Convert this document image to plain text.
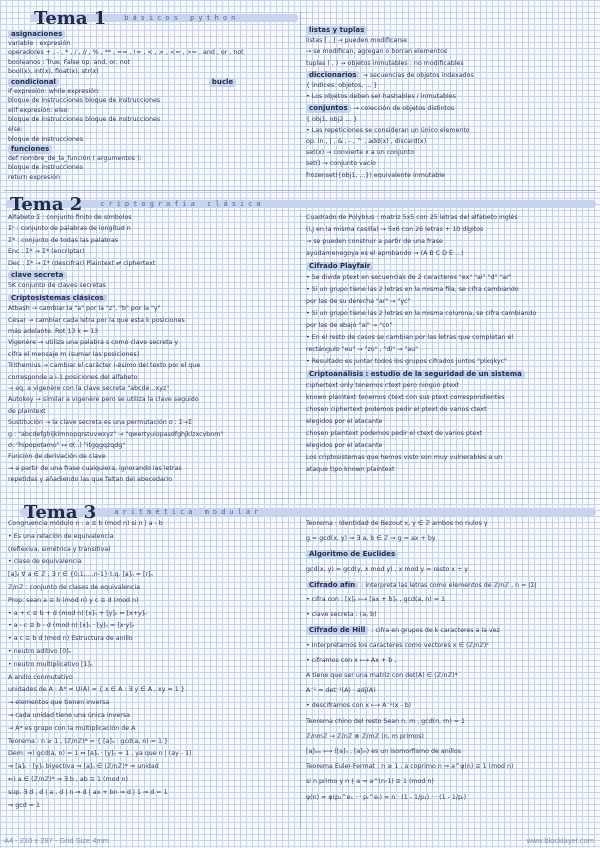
Tema 1	básicos python
asignaciones
variable : expresión
operadores + , - , * , / , // , % , ** , == , != , < , > , <= , >= , and , or , not
booleanos : True, False op. and, or, not
bool(x), int(x), float(x), str(x)
condicional	bucle
if expresión: while expresión:
bloque de instrucciones bloque de instrucciones
elif expresión: else:
bloque de instrucciones bloque de instrucciones
else:
bloque de instrucciones
funciones
def nombre_de_la_función ( argumentos ):
bloque de instrucciones
return expresión
listas y tuplas
listas [ , ] → pueden modificarse
→ se modifican, agregan o borran elementos
tuplas ( , ) → objetos inmutables : no modificables
diccionarios → secuencias de objetos indexados
{ índices: objetos, ... }
• Los objetos deben ser hashables / inmutables
conjuntos → colección de objetos distintos
{ obj1, obj2 ... }
• Las repeticiones se consideran un único elemento
op. in , | , & , - , ^ , add(x) , discard(x)
set(x) → convierte x a un conjunto
set() → conjunto vacío
frozenset({obj1, ...}) equivalente inmutable
Tema 2	criptografía clásica
Alfabeto Σ : conjunto finito de símbolos
Σⁿ : conjunto de palabras de longitud n
Σ* : conjunto de todas las palabras
Enc : Σ* → Σ* (encriptar)
Dec : Σ* → Σ* (descifrar) Plaintext ⇄ ciphertext
clave secreta
SK conjunto de claves secretas
Criptosistemas clásicos
Atbash → cambiar la "a" por la "z", "b" por la "y"
César → cambiar cada letra por la que esta k posiciones
más adelante. Rot 13 k = 13
Vigenère → utiliza una palabra s como clave secreta y
cifra el mensaje m (sumar las posiciones)
Trithemius → cambiar el carácter i-ésimo del texto por el que
corresponde a i-1 posiciones del alfabeto
→ eq. a vigenère con la clave secreta "abcde...xyz"
Autokey → similar a vigenère pero se utiliza la clave seguido
de plaintext
Sustitución → la clave secreta es una permutación σ : Σ→Σ
g : "abcdefghijklmnopqrstuvwxyz" → "qwertyuiopasdfghjklzxcvbnm"
σ: "hipopotamo" ↦ σ(..) "itgqgqzqdg"
Función de derivación de clave
→ a partir de una frase cualquiera, ignorando las letras
repetidas y añadiendo las que faltan del abecedario
Cuadrado de Polybius : matriz 5x5 con 25 letras del alfabeto inglés
(i,j en la misma casilla) → 5x6 con 26 letras + 10 dígitos
→ se pueden construir a partir de una frase
ayúdamenegoya es el aprobando → (A B C D E ...)
Cifrado Playfair
• Se divide ptext en secuencias de 2 caracteres "ex" "ai" "d" "ar"
• Si un grupo tiene las 2 letras en la misma fila, se cifra cambiando
por las de su derecha "ar" → "yc"
• Si un grupo tiene las 2 letras en la misma columna, se cifra cambiando
por las de abajo "ai" → "co"
• En el resto de casos se cambian por las letras que completan el
rectángulo "eu" → "zo" , "di" → "au"
• Resultado es juntar todos los grupos cifrados juntos "plxqkyc"
Criptoanálisis : estudio de la seguridad de un sistema
ciphertext only tenemos ctext pero ningún ptext
known plaintext tenemos ctext con sus ptext correspondientes
chosen ciphertext podemos pedir el ptext de varios ctext
elegidos por el atacante
chosen plaintext podemos pedir el ctext de varios ptext
elegidos por el atacante
Los criptosistemas que hemos visto son muy vulnerables a un
ataque tipo known plaintext
Tema 3	aritmética modular
Congruencia módulo n : a ≡ b (mod n) si n | a - b
• Es una relación de equivalencia
(reflexiva, simétrica y transitiva)
• clase de equivalencia
[a]ₙ ∀ a ∈ ℤ , ∃ r ∈ {0,1,...,n-1} t.q. [a]ₙ = [r]ₙ
ℤ/nℤ : conjunto de clases de equivalencia
Prop: sean a ≡ b (mod n) y c ≡ d (mod n)
• a + c ≡ b + d (mod n) [x]ₙ + [y]ₙ = [x+y]ₙ
• a - c ≡ b - d (mod n) [x]ₙ · [y]ₙ = [x·y]ₙ
• a c ≡ b d (mod n) Estructura de anillo
• neutro aditivo [0]ₙ
• neutro multiplicativo [1]ₙ
A anillo conmutativo
unidades de A : A* = U(A) = { x ∈ A : ∃ y ∈ A , xy = 1 }
→ elementos que tienen inversa
→ cada unidad tiene una única inversa
→ A* es grupo con la multiplicación de A
Teorema : n ≥ 1 , (ℤ/nℤ)* = { [a]ₙ : gcd(a, n) = 1 }
Dem: ⇒) gcd(a, n) = 1 ⇔ [a]ₙ · [y]ₙ = 1 , ya que n | (ay - 1)
⇒ [a]ₙ · [y]ₙ biyectiva ⇒ [a]ₙ ∈ (ℤ/nℤ)* ⇒ unidad
⇐) a ∈ (ℤ/nℤ)* ⇒ ∃ b , ab ≡ 1 (mod n)
sup. ∃ d , d | a , d | n ⇒ d | ax + bn ⇒ d | 1 ⇒ d = 1
⇒ gcd = 1
Teorema : Identidad de Bezout x, y ∈ ℤ ambos no nulos y
g = gcd(x, y) ⇒ ∃ a, b ∈ ℤ ⇒ g = ax + by
Algoritmo de Euclides
gcd(x, y) = gcd(y, x mod y) , x mod y = resto x ÷ y
Cifrado afín : interpreta las letras como elementos de ℤ/nℤ , n = |Σ|
• cifra con : [x]ₙ ⟼ [ax + b]ₙ , gcd(a, n) = 1
• clave secreta : (a, b)
Cifrado de Hill : cifra en grupos de k caracteres a la vez
• Interpretamos los caracteres como vectores x ∈ (ℤ/nℤ)ᵏ
• ciframos con x ⟼ Ax + b ,
A tiene que ser una matriz con det(A) ∈ (ℤ/nℤ)*
A⁻¹ = det⁻¹(A) · adj(A)
• desciframos con x ⟼ A⁻¹(x - b)
Teorema chino del resto Sean n, m , gcd(n, m) = 1
ℤ/nmℤ → ℤ/nℤ ⊗ ℤ/mℤ (n, m primos)
[a]ₙₘ ⟼ ([a]ₙ , [a]ₘ) es un isomorfismo de anillos
Teorema Euler-Fermat : n ≥ 1 , a coprimo n ⇒ a^φ(n) ≡ 1 (mod n)
si n primo y n ∤ a ⇒ a^(n-1) ≡ 1 (mod n)
φ(n) = φ(p₁^e₁ ··· pᵣ^eᵣ) = n · (1 - 1/p₁) ··· (1 - 1/pᵣ)
A4 - 210 x 297 - Grid Size 4mm	www.blocklayer.com
